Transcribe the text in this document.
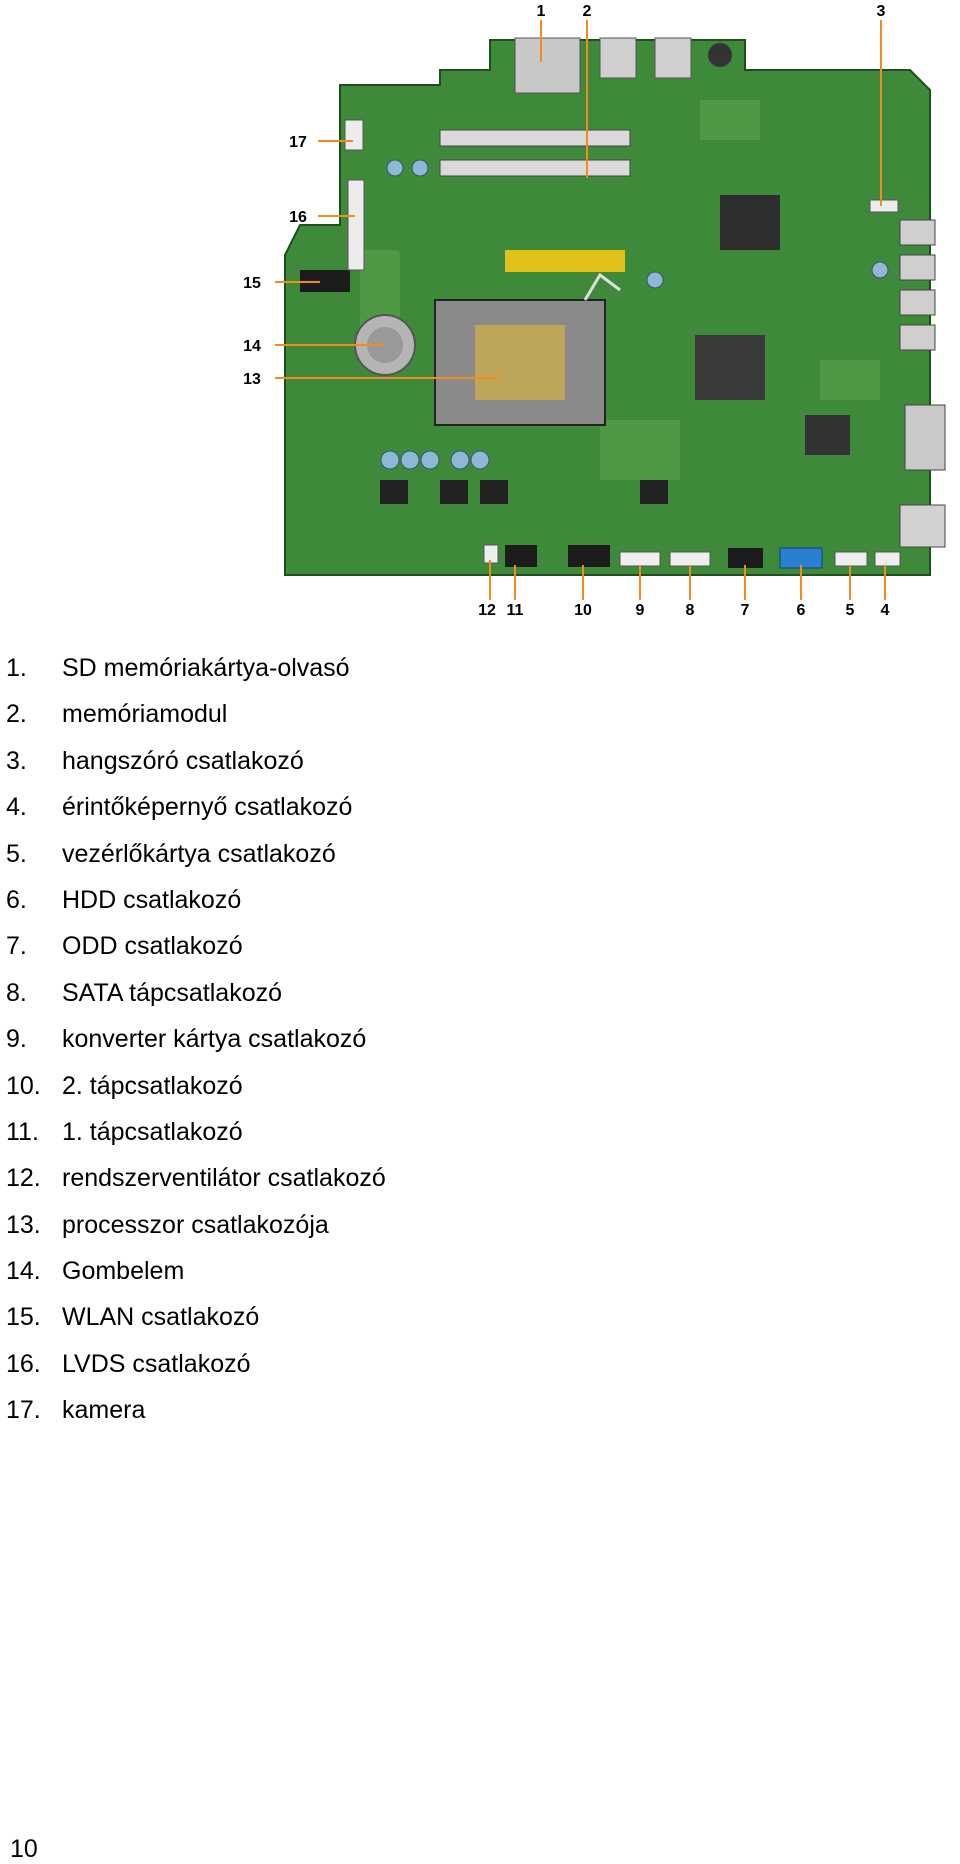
1 2	3
4
5
6
7
8
9
10
11
12
13
14
15
16
17
1.	SD memóriakártya-olvasó
2.	memóriamodul
3.	hangszóró csatlakozó
4.	érintőképernyő csatlakozó
5.	vezérlőkártya csatlakozó
6.	HDD csatlakozó
7.	ODD csatlakozó
8.	SATA tápcsatlakozó
9.	konverter kártya csatlakozó
10. 2. tápcsatlakozó
11. 1. tápcsatlakozó
12. rendszerventilátor csatlakozó
13. processzor csatlakozója
14. Gombelem
15. WLAN csatlakozó
16. LVDS csatlakozó
17. kamera
10
